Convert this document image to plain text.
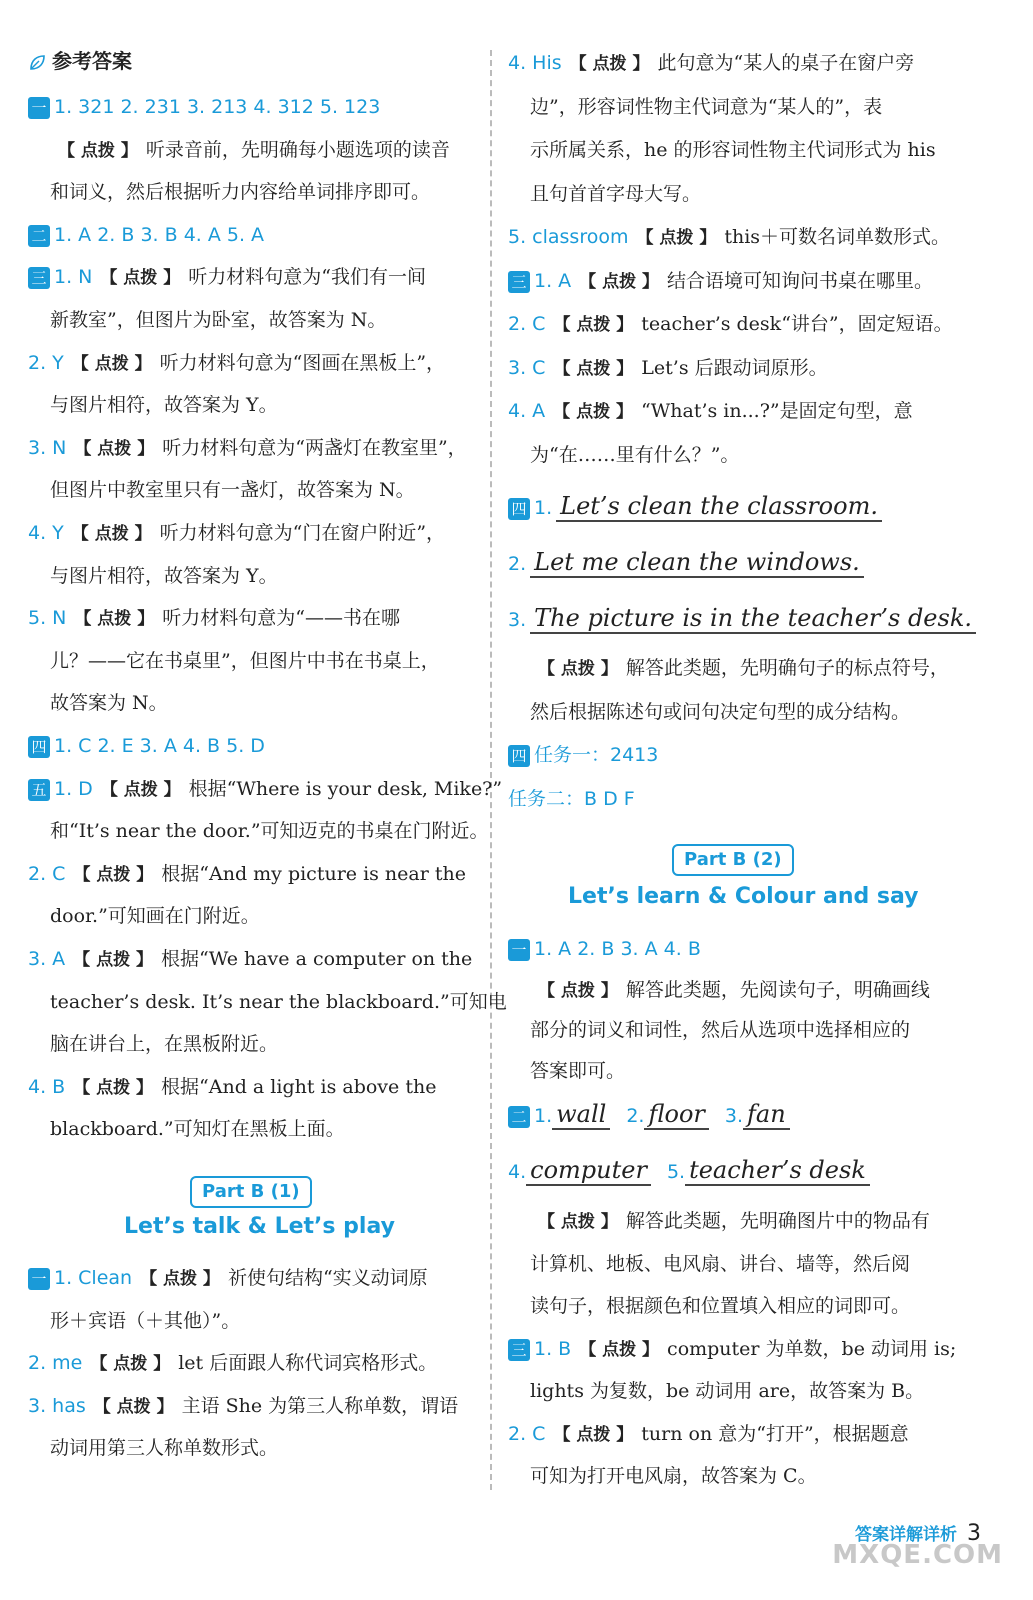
参考答案
一 1. 321 2. 231 3. 213 4. 312 5. 123
【 点拨 】 听录音前，先明确每小题选项的读音
和词义，然后根据听力内容给单词排序即可。
二 1. A 2. B 3. B 4. A 5. A
三 1. N 【 点拨 】 听力材料句意为“我们有一间
新教室”，但图片为卧室，故答案为 N。
2. Y 【 点拨 】 听力材料句意为“图画在黑板上”，
与图片相符，故答案为 Y。
3. N 【 点拨 】 听力材料句意为“两盏灯在教室里”，
但图片中教室里只有一盏灯，故答案为 N。
4. Y 【 点拨 】 听力材料句意为“门在窗户附近”，
与图片相符，故答案为 Y。
5. N 【 点拨 】 听力材料句意为“——书在哪
儿？——它在书桌里”，但图片中书在书桌上，
故答案为 N。
四 1. C 2. E 3. A 4. B 5. D
五 1. D 【 点拨 】 根据“Where is your desk, Mike?”
和“It’s near the door.”可知迈克的书桌在门附近。
2. C 【 点拨 】 根据“And my picture is near the
door.”可知画在门附近。
3. A 【 点拨 】 根据“We have a computer on the
teacher’s desk. It’s near the blackboard.”可知电
脑在讲台上，在黑板附近。
4. B 【 点拨 】 根据“And a light is above the
blackboard.”可知灯在黑板上面。
Part B (1)
Let’s talk & Let’s play
一 1. Clean 【 点拨 】 祈使句结构“实义动词原
形＋宾语（＋其他）”。
2. me 【 点拨 】 let 后面跟人称代词宾格形式。
3. has 【 点拨 】 主语 She 为第三人称单数，谓语
动词用第三人称单数形式。
4. His 【 点拨 】 此句意为“某人的桌子在窗户旁
边”，形容词性物主代词意为“某人的”，表
示所属关系，he 的形容词性物主代词形式为 his
且句首首字母大写。
5. classroom 【 点拨 】 this＋可数名词单数形式。
三 1. A 【 点拨 】 结合语境可知询问书桌在哪里。
2. C 【 点拨 】 teacher’s desk“讲台”，固定短语。
3. C 【 点拨 】 Let’s 后跟动词原形。
4. A 【 点拨 】 “What’s in...?”是固定句型，意
为“在……里有什么？”。
四 1. Let’s clean the classroom.
2. Let me clean the windows.
3. The picture is in the teacher’s desk.
【 点拨 】 解答此类题，先明确句子的标点符号，
然后根据陈述句或问句决定句型的成分结构。
四 任务一：2413
任务二：B D F
Part B (2)
Let’s learn & Colour and say
一 1. A 2. B 3. A 4. B
【 点拨 】 解答此类题，先阅读句子，明确画线
部分的词义和词性，然后从选项中选择相应的
答案即可。
二 1. wall 2. floor 3. fan
4. computer 5. teacher’s desk
【 点拨 】 解答此类题，先明确图片中的物品有
计算机、地板、电风扇、讲台、墙等，然后阅
读句子，根据颜色和位置填入相应的词即可。
三 1. B 【 点拨 】 computer 为单数，be 动词用 is;
lights 为复数，be 动词用 are，故答案为 B。
2. C 【 点拨 】 turn on 意为“打开”，根据题意
可知为打开电风扇，故答案为 C。
答案详解详析 3
MXQE.COM
